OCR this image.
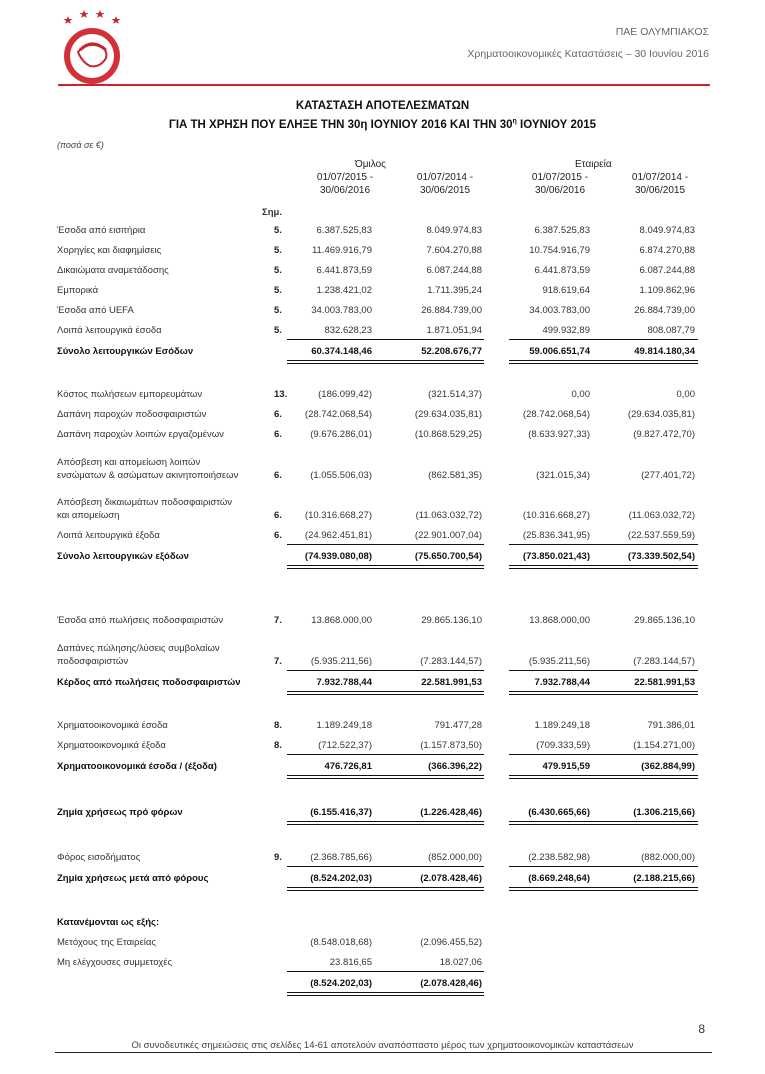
ΠΑΕ ΟΛΥΜΠΙΑΚΟΣ
Χρηματοοικονομικές Καταστάσεις – 30 Ιουνίου 2016
ΚΑΤΑΣΤΑΣΗ ΑΠΟΤΕΛΕΣΜΑΤΩΝ
ΓΙΑ ΤΗ ΧΡΗΣΗ ΠΟΥ ΕΛΗΞΕ ΤΗΝ 30η ΙΟΥΝΙΟΥ 2016 ΚΑΙ ΤΗΝ $30^\eta$ ΙΟΥΝΙΟΥ 2015
(ποσά σε €)
Όμιλος	Εταιρεία
01/07/2015 -
30/06/2016
01/07/2014 -
30/06/2015
01/07/2015 -
30/06/2016
01/07/2014 -
30/06/2015
Σημ.
Έσοδα από εισιτήρια	5.	6.387.525,83	8.049.974,83	6.387.525,83	8.049.974,83
Χορηγίες και διαφημίσεις	5.	11.469.916,79	7.604.270,88	10.754.916,79	6.874.270,88
Δικαιώματα αναμετάδοσης	5.	6.441.873,59	6.087.244,88	6.441.873,59	6.087.244,88
Εμπορικά	5.	1.238.421,02	1.711.395,24	918.619,64	1.109.862,96
Έσοδα από UEFA	5.	34.003.783,00	26.884.739,00	34.003.783,00	26.884.739,00
Λοιπά λειτουργικά έσοδα	5.	832.628,23	1.871.051,94	499.932,89	808.087,79
Σύνολο λειτουργικών Εσόδων	60.374.148,46	52.208.676,77	59.006.651,74	49.814.180,34
Κόστος πωλήσεων εμπορευμάτων	13.	(186.099,42)	(321.514,37)	0,00	0,00
Δαπάνη παροχών ποδοσφαιριστών	6.	(28.742.068,54)	(29.634.035,81)	(28.742.068,54)	(29.634.035,81)
Δαπάνη παροχών λοιπών εργαζομένων	6.	(9.676.286,01)	(10.868.529,25)	(8.633.927,33)	(9.827.472,70)
Απόσβεση και απομείωση λοιπών
ενσώματων & ασώματων ακινητοποιήσεων	6.	(1.055.506,03)	(862.581,35)	(321.015,34)	(277.401,72)
Απόσβεση δικαιωμάτων ποδοσφαιριστών
και απομείωση	6.	(10.316.668,27)	(11.063.032,72)	(10.316.668,27)	(11.063.032,72)
Λοιπά λειτουργικά έξοδα	6.	(24.962.451,81)	(22.901.007,04)	(25.836.341,95)	(22.537.559,59)
Σύνολο λειτουργικών εξόδων	(74.939.080,08)	(75.650.700,54)	(73.850.021,43)	(73.339.502,54)
Έσοδα από πωλήσεις ποδοσφαιριστών	7.	13.868.000,00	29.865.136,10	13.868.000,00	29.865.136,10
Δαπάνες πώλησης/λύσεις συμβολαίων
ποδοσφαιριστών	7.	(5.935.211,56)	(7.283.144,57)	(5.935.211,56)	(7.283.144,57)
Κέρδος από πωλήσεις ποδοσφαιριστών	7.932.788,44	22.581.991,53	7.932.788,44	22.581.991,53
Χρηματοοικονομικά έσοδα	8.	1.189.249,18	791.477,28	1.189.249,18	791.386,01
Χρηματοοικονομικά έξοδα	8.	(712.522,37)	(1.157.873,50)	(709.333,59)	(1.154.271,00)
Χρηματοοικονομικά έσοδα / (έξοδα)	476.726,81	(366.396,22)	479.915,59	(362.884,99)
Ζημία χρήσεως πρό φόρων	(6.155.416,37)	(1.226.428,46)	(6.430.665,66)	(1.306.215,66)
Φόρος εισοδήματος	9.	(2.368.785,66)	(852.000,00)	(2.238.582,98)	(882.000,00)
Ζημία χρήσεως μετά από φόρους	(8.524.202,03)	(2.078.428,46)	(8.669.248,64)	(2.188.215,66)
Κατανέμονται ως εξής:
Μετόχους της Εταιρείας	(8.548.018,68)	(2.096.455,52)
Μη ελέγχουσες συμμετοχές	23.816,65	18.027,06
(8.524.202,03)	(2.078.428,46)
8
Οι συνοδευτικές σημειώσεις στις σελίδες 14-61 αποτελούν αναπόσπαστο μέρος των χρηματοοικονομικών καταστάσεων
